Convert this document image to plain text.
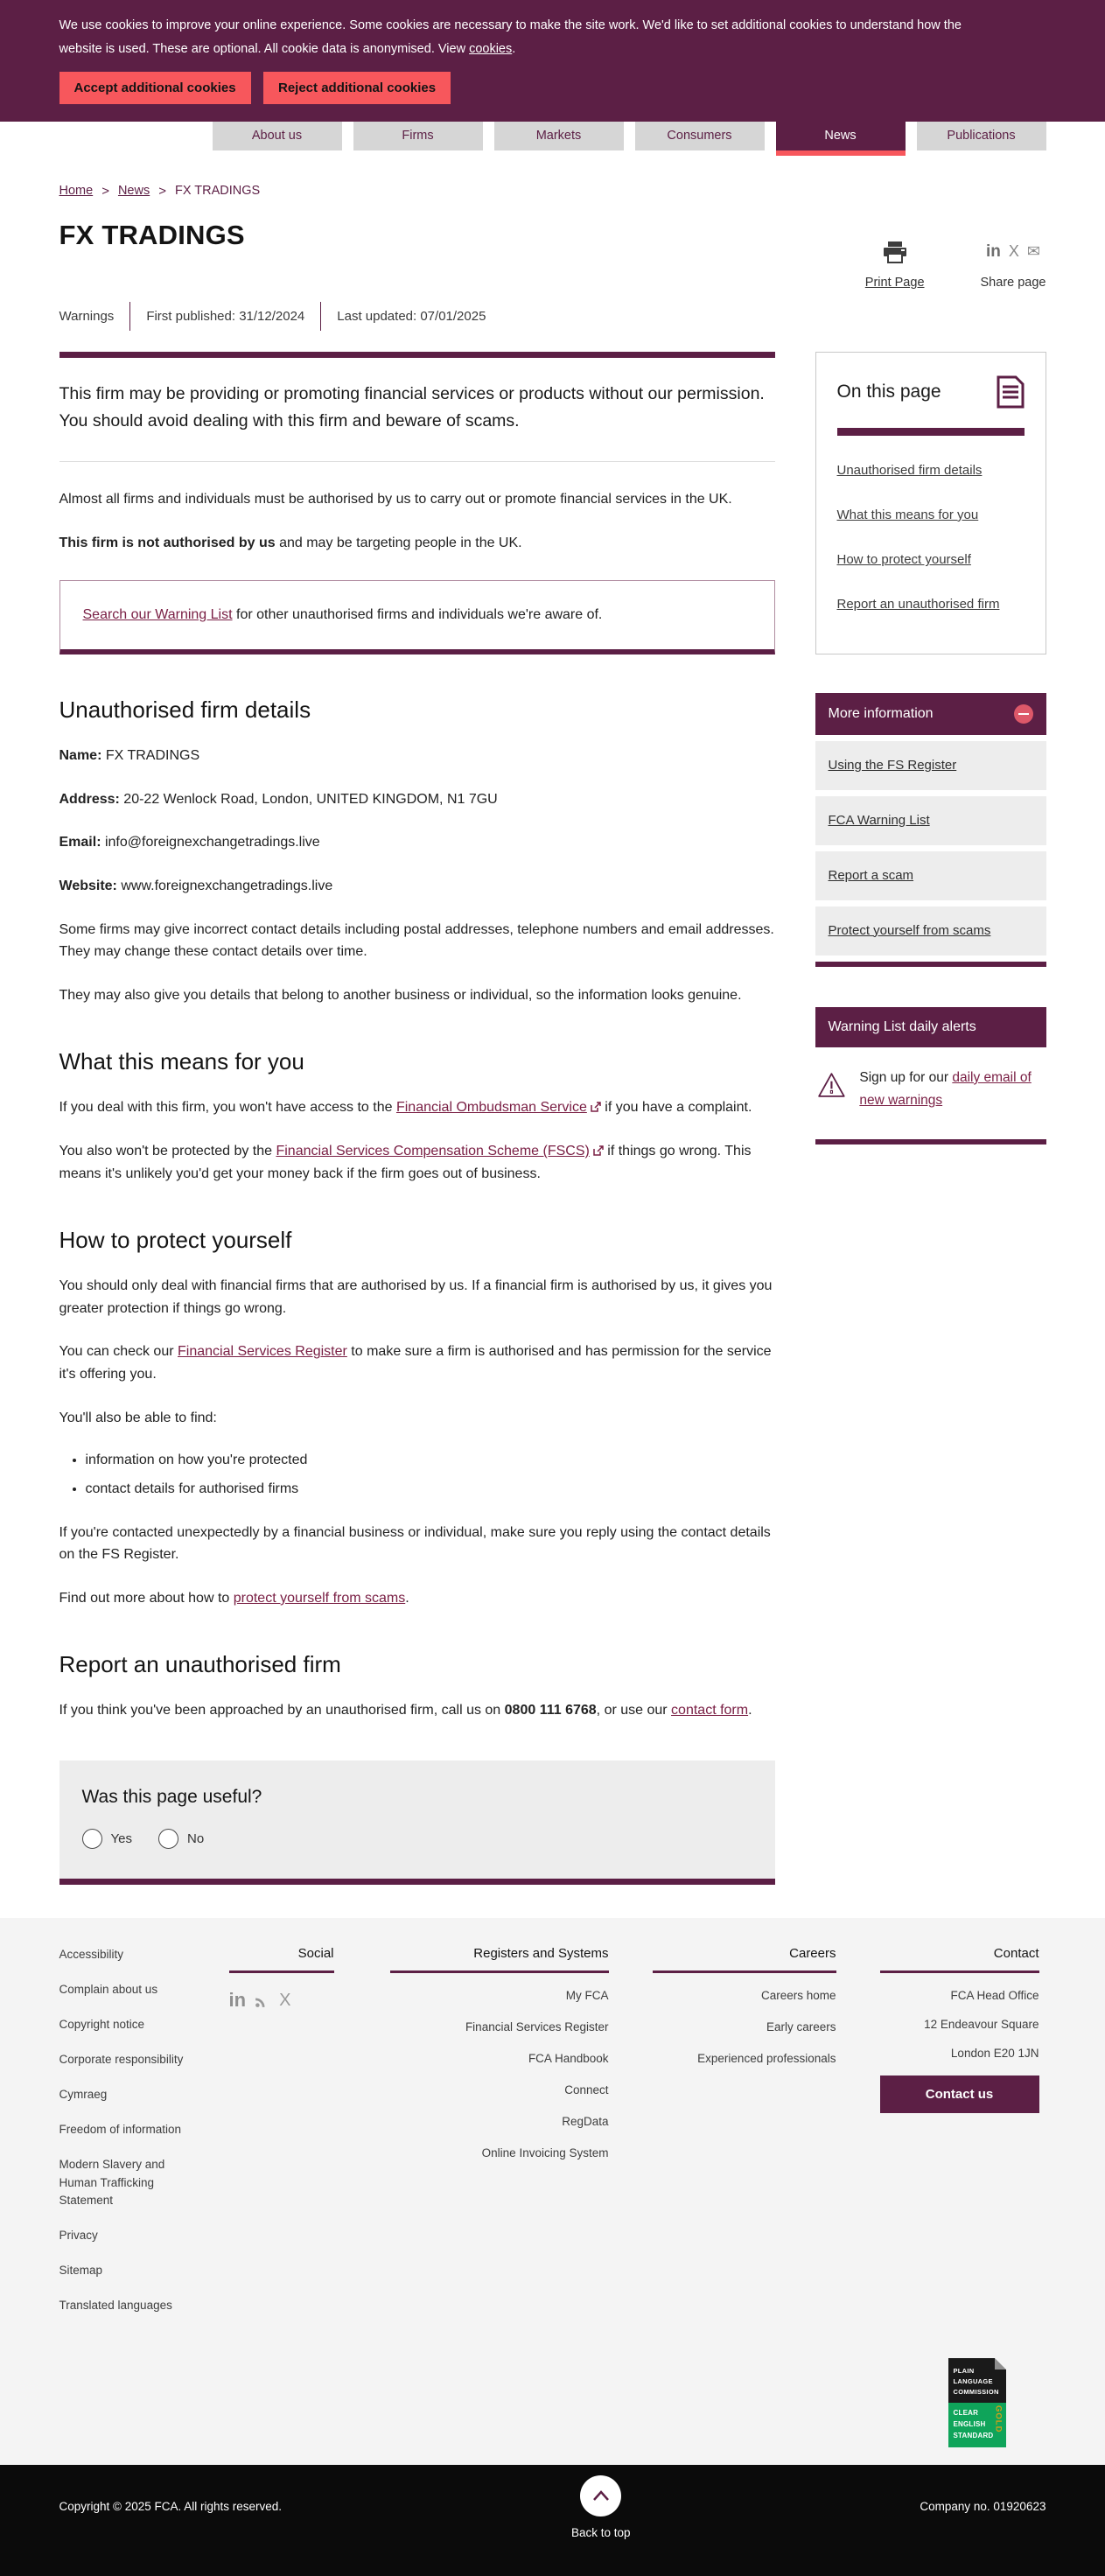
We use cookies to improve your online experience. Some cookies are necessary to make the site work. We'd like to set additional cookies to understand how the website is used. These are optional. All cookie data is anonymised. View cookies.
Accept additional cookies	Reject additional cookies
About us	Firms	Markets	Consumers	News	Publications
Home > News > FX TRADINGS
FX TRADINGS
Print Page
in X ✉
Share page
Warnings	First published: 31/12/2024	Last updated: 07/01/2025

This firm may be providing or promoting financial services or products without our permission. You should avoid dealing with this firm and beware of scams.

Almost all firms and individuals must be authorised by us to carry out or promote financial services in the UK.

This firm is not authorised by us and may be targeting people in the UK.

Search our Warning List for other unauthorised firms and individuals we're aware of.
Unauthorised firm details

Name: FX TRADINGS

Address: 20-22 Wenlock Road, London, UNITED KINGDOM, N1 7GU

Email: info@foreignexchangetradings.live

Website: www.foreignexchangetradings.live

Some firms may give incorrect contact details including postal addresses, telephone numbers and email addresses. They may change these contact details over time.

They may also give you details that belong to another business or individual, so the information looks genuine.

What this means for you

If you deal with this firm, you won't have access to the Financial Ombudsman Service if you have a complaint.

You also won't be protected by the Financial Services Compensation Scheme (FSCS) if things go wrong. This means it's unlikely you'd get your money back if the firm goes out of business.

How to protect yourself

You should only deal with financial firms that are authorised by us. If a financial firm is authorised by us, it gives you greater protection if things go wrong.

You can check our Financial Services Register to make sure a firm is authorised and has permission for the service it's offering you.

You'll also be able to find:

• information on how you're protected
• contact details for authorised firms

If you're contacted unexpectedly by a financial business or individual, make sure you reply using the contact details on the FS Register.

Find out more about how to protect yourself from scams.

Report an unauthorised firm

If you think you've been approached by an unauthorised firm, call us on 0800 111 6768, or use our contact form.

Was this page useful?
Yes	No
On this page
Unauthorised firm details
What this means for you
How to protect yourself
Report an unauthorised firm
More information
Using the FS Register
FCA Warning List
Report a scam
Protect yourself from scams
Warning List daily alerts
Sign up for our daily email of new warnings
Accessibility
Complain about us
Copyright notice
Corporate responsibility
Cymraeg
Freedom of information
Modern Slavery and Human Trafficking Statement
Privacy
Sitemap
Translated languages
Social
in X
Registers and Systems
My FCA
Financial Services Register
FCA Handbook
Connect
RegData
Online Invoicing System
Careers
Careers home
Early careers
Experienced professionals
Contact
FCA Head Office
12 Endeavour Square
London E20 1JN
Contact us
PLAIN LANGUAGE COMMISSION
CLEAR ENGLISH STANDARD
GOLD
Copyright © 2025 FCA. All rights reserved.
Back to top
Company no. 01920623
